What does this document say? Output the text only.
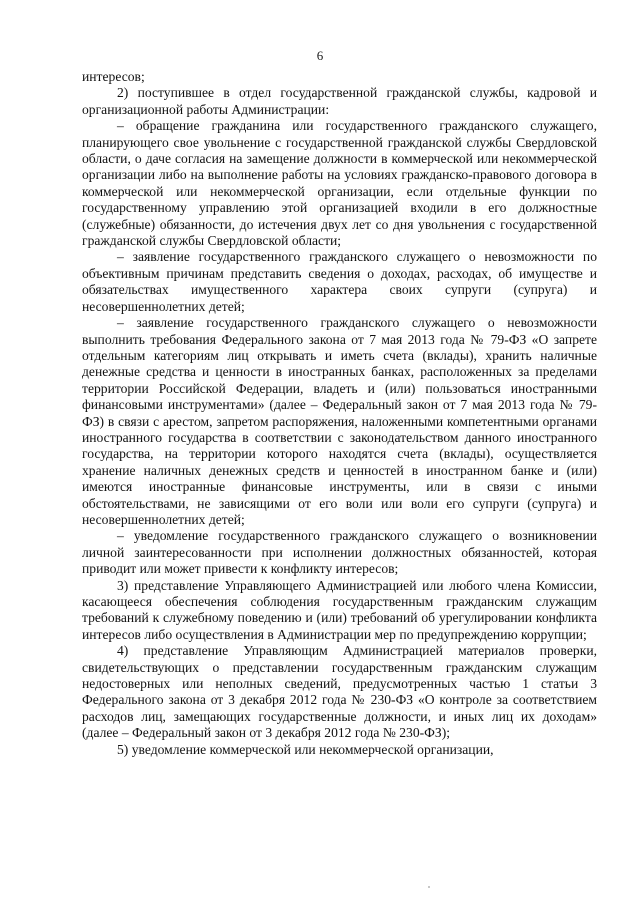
6

интересов;

2) поступившее в отдел государственной гражданской службы, кадровой и организационной работы Администрации:

– обращение гражданина или государственного гражданского служащего, планирующего свое увольнение с государственной гражданской службы Свердловской области, о даче согласия на замещение должности в коммерческой или некоммерческой организации либо на выполнение работы на условиях гражданско-правового договора в коммерческой или некоммерческой организации, если отдельные функции по государственному управлению этой организацией входили в его должностные (служебные) обязанности, до истечения двух лет со дня увольнения с государственной гражданской службы Свердловской области;

– заявление государственного гражданского служащего о невозможности по объективным причинам представить сведения о доходах, расходах, об имуществе и обязательствах имущественного характера своих супруги (супруга) и несовершеннолетних детей;

– заявление государственного гражданского служащего о невозможности выполнить требования Федерального закона от 7 мая 2013 года № 79-ФЗ «О запрете отдельным категориям лиц открывать и иметь счета (вклады), хранить наличные денежные средства и ценности в иностранных банках, расположенных за пределами территории Российской Федерации, владеть и (или) пользоваться иностранными финансовыми инструментами» (далее – Федеральный закон от 7 мая 2013 года № 79-ФЗ) в связи с арестом, запретом распоряжения, наложенными компетентными органами иностранного государства в соответствии с законодательством данного иностранного государства, на территории которого находятся счета (вклады), осуществляется хранение наличных денежных средств и ценностей в иностранном банке и (или) имеются иностранные финансовые инструменты, или в связи с иными обстоятельствами, не зависящими от его воли или воли его супруги (супруга) и несовершеннолетних детей;

– уведомление государственного гражданского служащего о возникновении личной заинтересованности при исполнении должностных обязанностей, которая приводит или может привести к конфликту интересов;

3) представление Управляющего Администрацией или любого члена Комиссии, касающееся обеспечения соблюдения государственным гражданским служащим требований к служебному поведению и (или) требований об урегулировании конфликта интересов либо осуществления в Администрации мер по предупреждению коррупции;

4) представление Управляющим Администрацией материалов проверки, свидетельствующих о представлении государственным гражданским служащим недостоверных или неполных сведений, предусмотренных частью 1 статьи 3 Федерального закона от 3 декабря 2012 года № 230-ФЗ «О контроле за соответствием расходов лиц, замещающих государственные должности, и иных лиц их доходам» (далее – Федеральный закон от 3 декабря 2012 года № 230-ФЗ);

5) уведомление коммерческой или некоммерческой организации,
